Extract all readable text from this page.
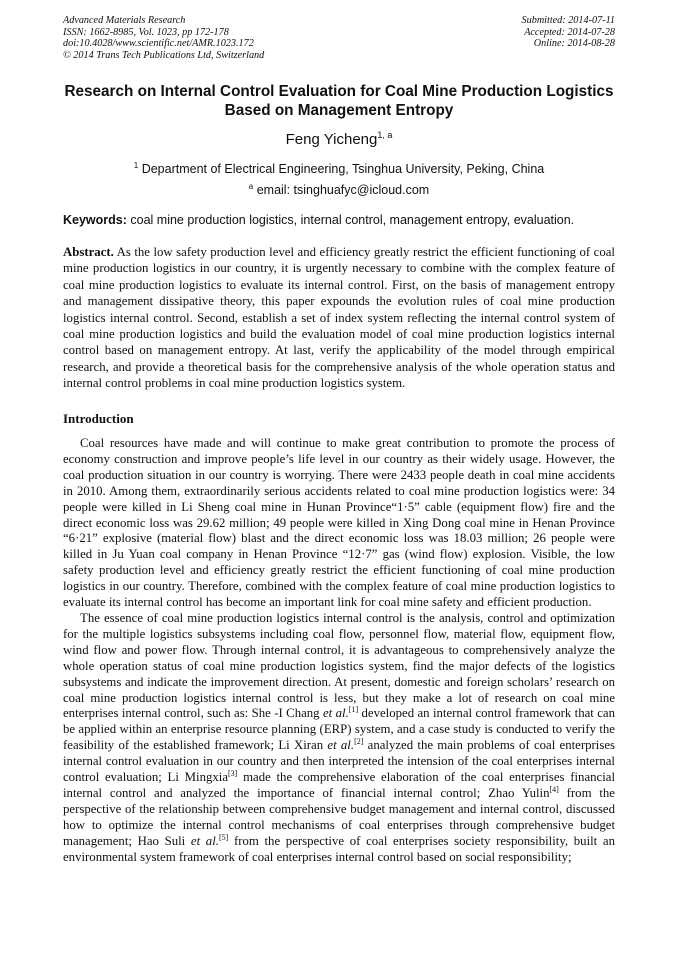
Advanced Materials Research
ISSN: 1662-8985, Vol. 1023, pp 172-178
doi:10.4028/www.scientific.net/AMR.1023.172
© 2014 Trans Tech Publications Ltd, Switzerland
Submitted: 2014-07-11
Accepted: 2014-07-28
Online: 2014-08-28
Research on Internal Control Evaluation for Coal Mine Production Logistics Based on Management Entropy
Feng Yicheng$^{1, a}$
$^1$ Department of Electrical Engineering, Tsinghua University, Peking, China
$^a$ email: tsinghuafyc@icloud.com
Keywords: coal mine production logistics, internal control, management entropy, evaluation.
Abstract. As the low safety production level and efficiency greatly restrict the efficient functioning of coal mine production logistics in our country, it is urgently necessary to combine with the complex feature of coal mine production logistics to evaluate its internal control. First, on the basis of management entropy and management dissipative theory, this paper expounds the evolution rules of coal mine production logistics internal control. Second, establish a set of index system reflecting the internal control system of coal mine production logistics and build the evaluation model of coal mine production logistics internal control based on management entropy. At last, verify the applicability of the model through empirical research, and provide a theoretical basis for the comprehensive analysis of the whole operation status and internal control problems in coal mine production logistics system.
Introduction

Coal resources have made and will continue to make great contribution to promote the process of economy construction and improve people’s life level in our country as their widely usage. However, the coal production situation in our country is worrying. There were 2433 people death in coal mine accidents in 2010. Among them, extraordinarily serious accidents related to coal mine production logistics were: 34 people were killed in Li Sheng coal mine in Hunan Province“1·5” cable (equipment flow) fire and the direct economic loss was 29.62 million; 49 people were killed in Xing Dong coal mine in Henan Province “6·21” explosive (material flow) blast and the direct economic loss was 18.03 million; 26 people were killed in Ju Yuan coal company in Henan Province “12·7” gas (wind flow) explosion. Visible, the low safety production level and efficiency greatly restrict the efficient functioning of coal mine production logistics in our country. Therefore, combined with the complex feature of coal mine production logistics to evaluate its internal control has become an important link for coal mine safety and efficient production.

The essence of coal mine production logistics internal control is the analysis, control and optimization for the multiple logistics subsystems including coal flow, personnel flow, material flow, equipment flow, wind flow and power flow. Through internal control, it is advantageous to comprehensively analyze the whole operation status of coal mine production logistics system, find the major defects of the logistics subsystems and indicate the improvement direction. At present, domestic and foreign scholars’ research on coal mine production logistics internal control is less, but they make a lot of research on coal mine enterprises internal control, such as: She -I Chang et al.[1] developed an internal control framework that can be applied within an enterprise resource planning (ERP) system, and a case study is conducted to verify the feasibility of the established framework; Li Xiran et al.[2] analyzed the main problems of coal enterprises internal control evaluation in our country and then interpreted the intension of the coal enterprises internal control evaluation; Li Mingxia[3] made the comprehensive elaboration of the coal enterprises financial internal control and analyzed the importance of financial internal control; Zhao Yulin[4] from the perspective of the relationship between comprehensive budget management and internal control, discussed how to optimize the internal control mechanisms of coal enterprises through comprehensive budget management; Hao Suli et al.[5] from the perspective of coal enterprises society responsibility, built an environmental system framework of coal enterprises internal control based on social responsibility;
